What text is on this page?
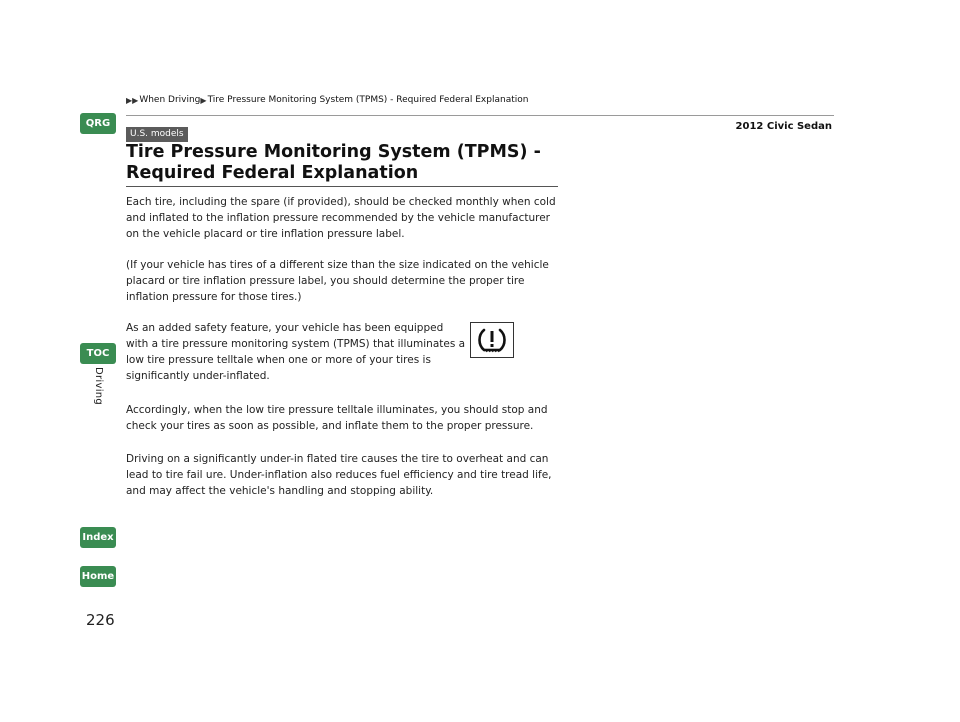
QRG
TOC
Driving
Index
Home
226
▶▶ When Driving ▶ Tire Pressure Monitoring System (TPMS) - Required Federal Explanation
2012 Civic Sedan
U.S. models
Tire Pressure Monitoring System (TPMS) - Required Federal Explanation

Each tire, including the spare (if provided), should be checked monthly when cold and inflated to the inflation pressure recommended by the vehicle manufacturer on the vehicle placard or tire inflation pressure label.

(If your vehicle has tires of a different size than the size indicated on the vehicle placard or tire inflation pressure label, you should determine the proper tire inflation pressure for those tires.)

As an added safety feature, your vehicle has been equipped with a tire pressure monitoring system (TPMS) that illuminates a low tire pressure telltale when one or more of your tires is significantly under-inflated.

Accordingly, when the low tire pressure telltale illuminates, you should stop and check your tires as soon as possible, and inflate them to the proper pressure.

Driving on a significantly under-in flated tire causes the tire to overheat and can lead to tire fail ure. Under-inflation also reduces fuel efficiency and tire tread life, and may affect the vehicle's handling and stopping ability.
